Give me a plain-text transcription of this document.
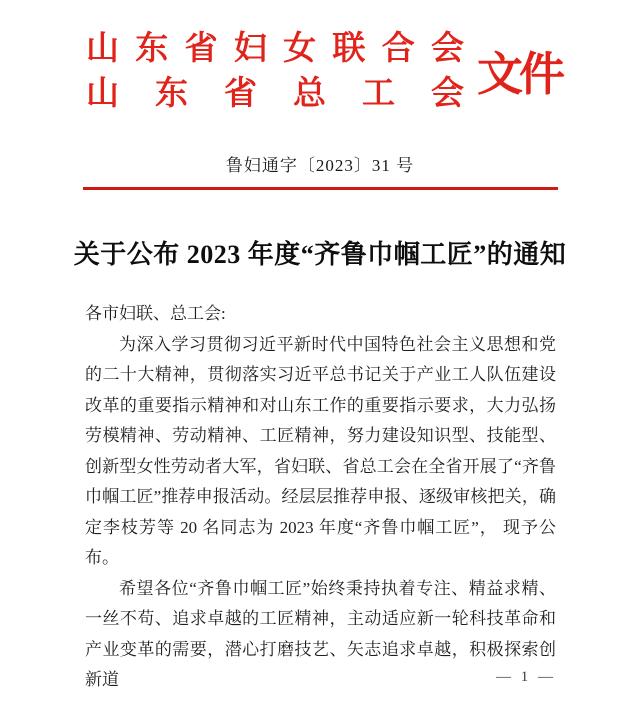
山东省妇女联合会
山东省总工会 文件
鲁妇通字〔2023〕31 号
关于公布 2023 年度“齐鲁巾帼工匠”的通知

各市妇联、总工会:

为深入学习贯彻习近平新时代中国特色社会主义思想和党的二十大精神，贯彻落实习近平总书记关于产业工人队伍建设改革的重要指示精神和对山东工作的重要指示要求，大力弘扬劳模精神、劳动精神、工匠精神，努力建设知识型、技能型、创新型女性劳动者大军，省妇联、省总工会在全省开展了“齐鲁巾帼工匠”推荐申报活动。经层层推荐申报、逐级审核把关，确定李枝芳等 20 名同志为 2023 年度“齐鲁巾帼工匠”， 现予公布。

希望各位“齐鲁巾帼工匠”始终秉持执着专注、精益求精、一丝不苟、追求卓越的工匠精神，主动适应新一轮科技革命和产业变革的需要，潜心打磨技艺、矢志追求卓越，积极探索创新道	— 1 —
